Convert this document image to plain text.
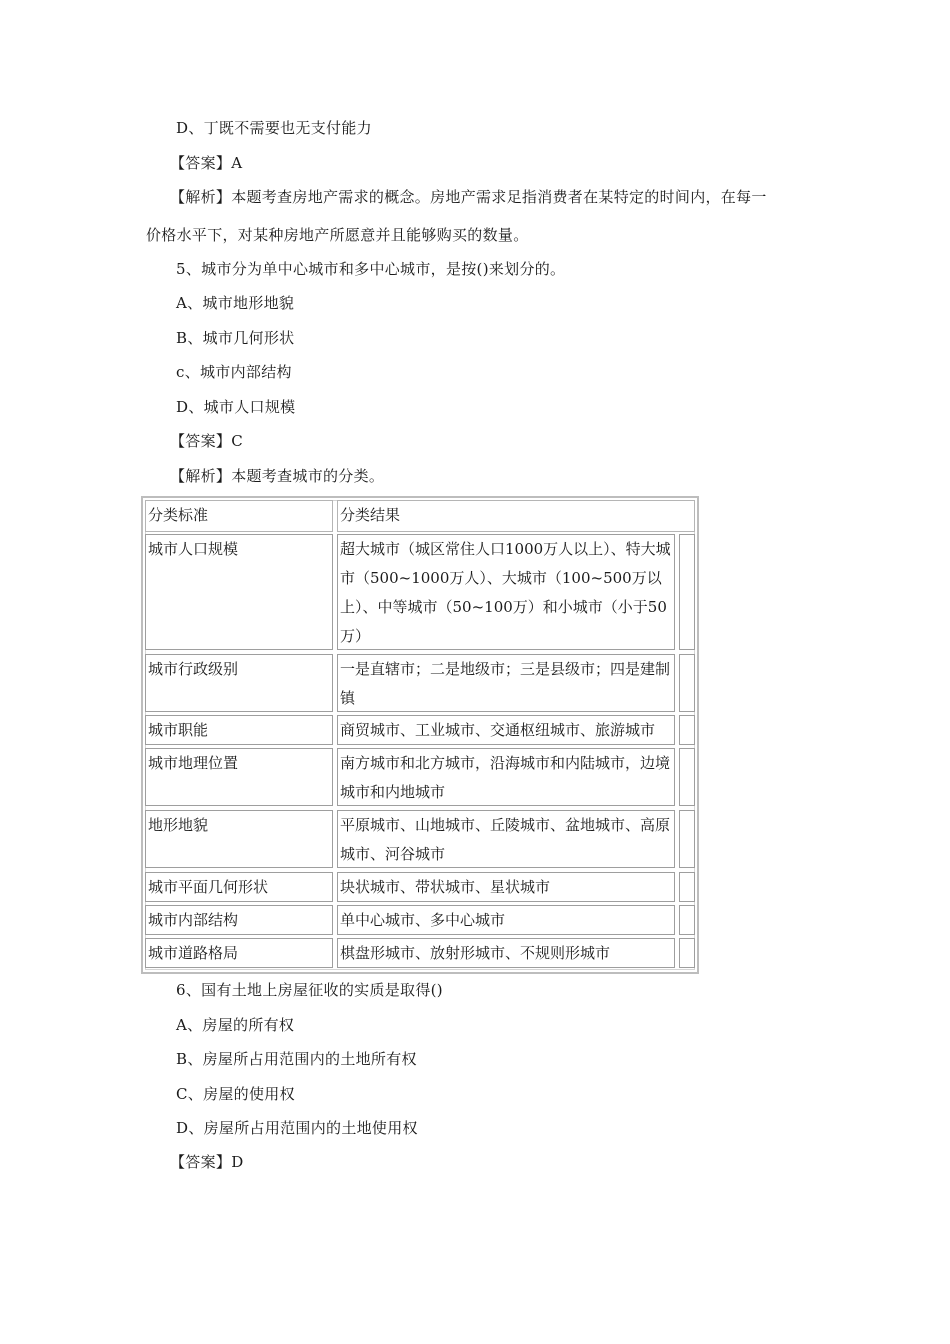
D、丁既不需要也无支付能力
【答案】A
【解析】本题考查房地产需求的概念。房地产需求足指消费者在某特定的时间内，在每一
价格水平下，对某种房地产所愿意并且能够购买的数量。
5、城市分为单中心城市和多中心城市，是按()来划分的。
A、城市地形地貌
B、城市几何形状
c、城市内部结构
D、城市人口规模
【答案】C
【解析】本题考查城市的分类。
分类标准	分类结果
城市人口规模	超大城市（城区常住人口1000万人以上）、特大城市（500~1000万人）、大城市（100~500万以上）、中等城市（50~100万）和小城市（小于50万）
城市行政级别	一是直辖市；二是地级市；三是县级市；四是建制镇
城市职能	商贸城市、工业城市、交通枢纽城市、旅游城市
城市地理位置	南方城市和北方城市，沿海城市和内陆城市，边境城市和内地城市
地形地貌	平原城市、山地城市、丘陵城市、盆地城市、高原城市、河谷城市
城市平面几何形状	块状城市、带状城市、星状城市
城市内部结构	单中心城市、多中心城市
城市道路格局	棋盘形城市、放射形城市、不规则形城市
6、国有土地上房屋征收的实质是取得()
A、房屋的所有权
B、房屋所占用范围内的土地所有权
C、房屋的使用权
D、房屋所占用范围内的土地使用权
【答案】D
